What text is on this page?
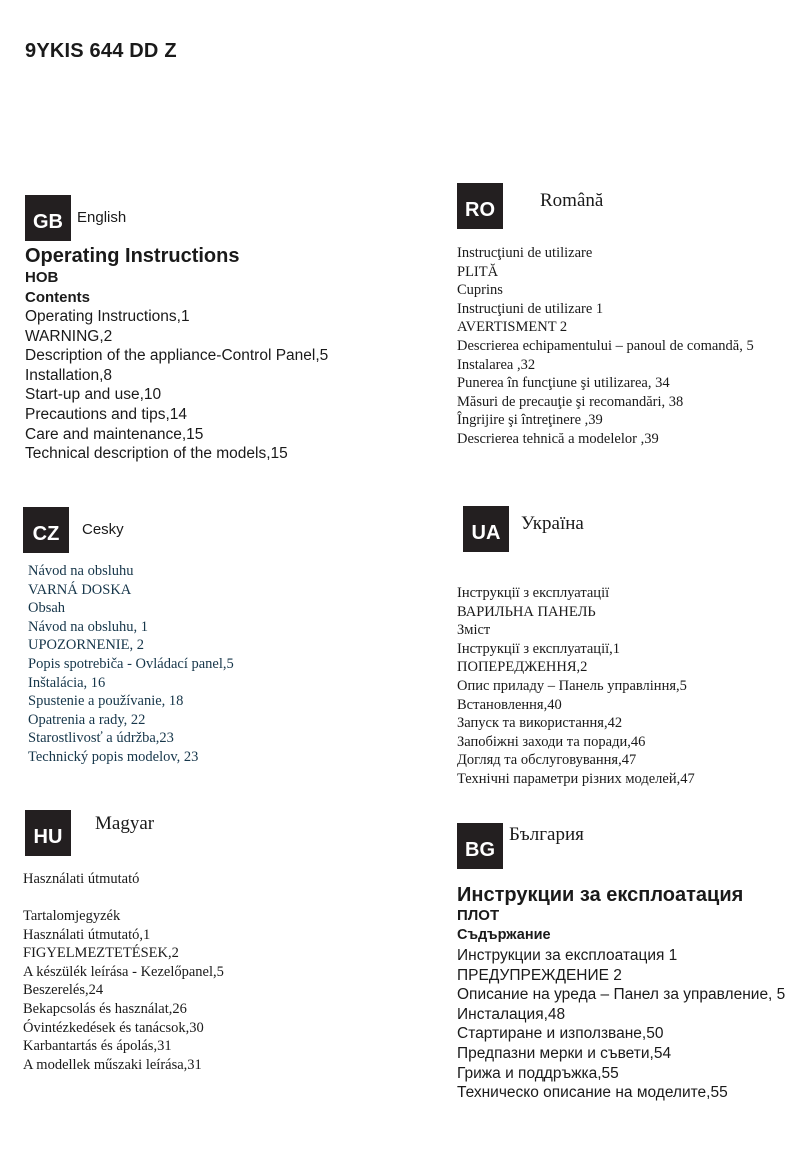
9YKIS 644 DD Z
GB English
Operating Instructions
HOB
Contents
Operating Instructions,1
WARNING,2
Description of the appliance-Control Panel,5
Installation,8
Start-up and use,10
Precautions and tips,14
Care and maintenance,15
Technical description of the models,15
RO	Română
Instrucţiuni de utilizare
PLITĂ
Cuprins
Instrucţiuni de utilizare 1
AVERTISMENT 2
Descrierea echipamentului – panoul de comandă, 5
Instalarea ,32
Punerea în funcţiune şi utilizarea, 34
Măsuri de precauţie şi recomandări, 38
Îngrijire şi întreţinere ,39
Descrierea tehnică a modelelor ,39
CZ	Cesky
Návod na obsluhu
VARNÁ DOSKA
Obsah
Návod na obsluhu, 1
UPOZORNENIE, 2
Popis spotrebiča - Ovládací panel,5
Inštalácia, 16
Spustenie a používanie, 18
Opatrenia a rady, 22
Starostlivosť a údržba,23
Technický popis modelov, 23
UA	Україна
Інструкції з експлуатації
ВАРИЛЬНА ПАНЕЛЬ
Зміст
Інструкції з експлуатації,1
ПОПЕРЕДЖЕННЯ,2
Опис приладу – Панель управління,5
Встановлення,40
Запуск та використання,42
Запобіжні заходи та поради,46
Догляд та обслуговування,47
Технічні параметри різних моделей,47
HU
Magyar
Használati útmutató
Tartalomjegyzék
Használati útmutató,1
FIGYELMEZTETÉSEK,2
A készülék leírása - Kezelőpanel,5
Beszerelés,24
Bekapcsolás és használat,26
Óvintézkedések és tanácsok,30
Karbantartás és ápolás,31
A modellek műszaki leírása,31
BG
България
Инструкции за експлоатация
ПЛОТ
Съдържание
Инструкции за експлоатация 1
ПРЕДУПРЕЖДЕНИЕ 2
Описание на уреда – Панел за управление, 5
Инсталация,48
Стартиране и използване,50
Предпазни мерки и съвети,54
Грижа и поддръжка,55
Техническо описание на моделите,55
